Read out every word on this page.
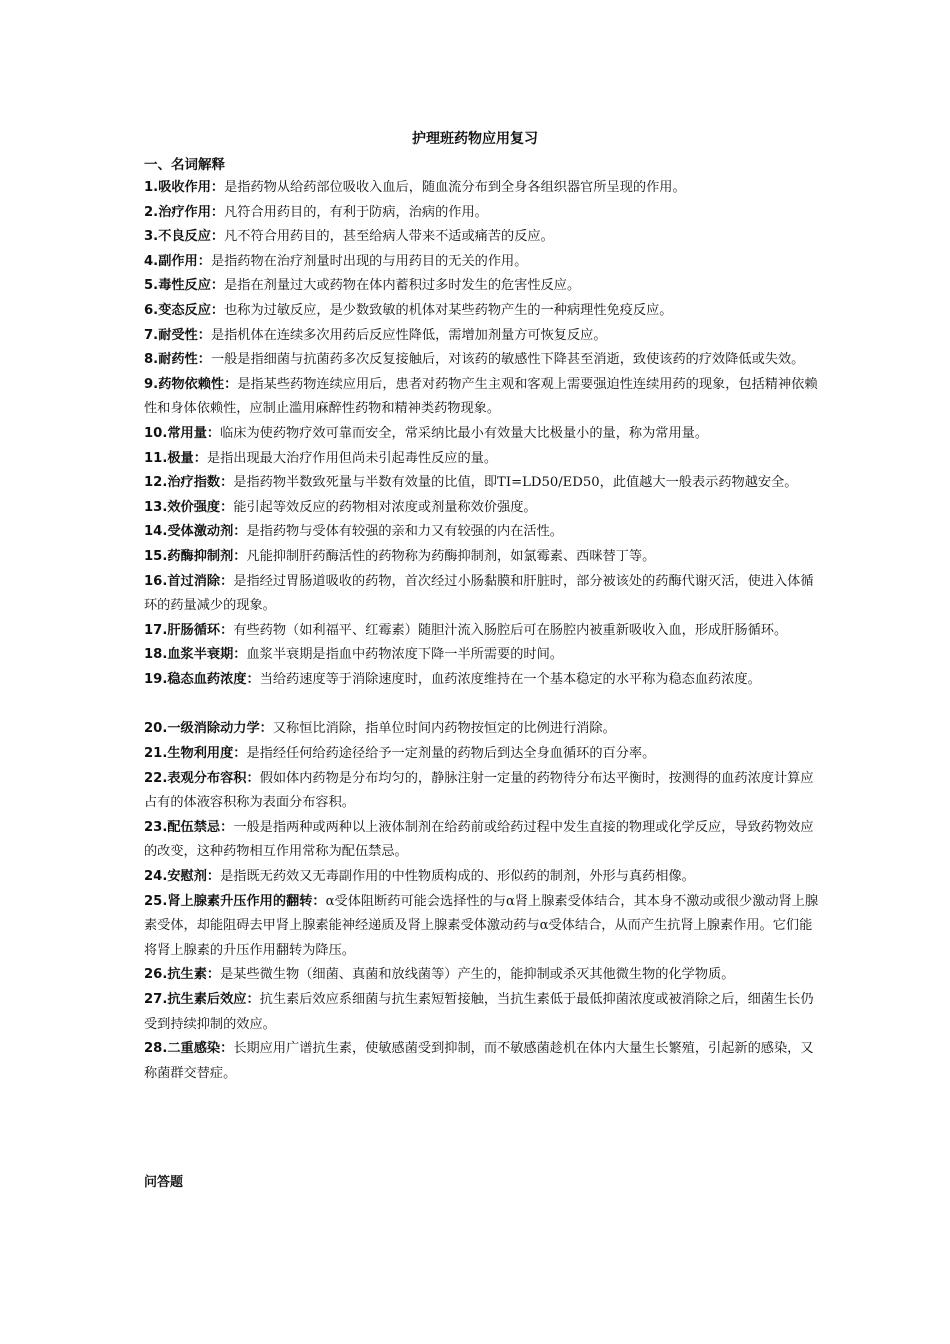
护理班药物应用复习
一、名词解释

1.吸收作用：是指药物从给药部位吸收入血后，随血流分布到全身各组织器官所呈现的作用。

2.治疗作用：凡符合用药目的，有利于防病，治病的作用。

3.不良反应：凡不符合用药目的，甚至给病人带来不适或痛苦的反应。

4.副作用：是指药物在治疗剂量时出现的与用药目的无关的作用。

5.毒性反应：是指在剂量过大或药物在体内蓄积过多时发生的危害性反应。

6.变态反应：也称为过敏反应，是少数致敏的机体对某些药物产生的一种病理性免疫反应。

7.耐受性：是指机体在连续多次用药后反应性降低，需增加剂量方可恢复反应。

8.耐药性：一般是指细菌与抗菌药多次反复接触后，对该药的敏感性下降甚至消逝，致使该药的疗效降低或失效。

9.药物依赖性：是指某些药物连续应用后，患者对药物产生主观和客观上需要强迫性连续用药的现象，包括精神依赖性和身体依赖性，应制止滥用麻醉性药物和精神类药物现象。

10.常用量：临床为使药物疗效可靠而安全，常采纳比最小有效量大比极量小的量，称为常用量。

11.极量：是指出现最大治疗作用但尚未引起毒性反应的量。

12.治疗指数：是指药物半数致死量与半数有效量的比值，即TI=LD50/ED50，此值越大一般表示药物越安全。

13.效价强度：能引起等效反应的药物相对浓度或剂量称效价强度。

14.受体激动剂：是指药物与受体有较强的亲和力又有较强的内在活性。

15.药酶抑制剂：凡能抑制肝药酶活性的药物称为药酶抑制剂，如氯霉素、西咪替丁等。

16.首过消除：是指经过胃肠道吸收的药物，首次经过小肠黏膜和肝脏时，部分被该处的药酶代谢灭活，使进入体循环的药量减少的现象。

17.肝肠循环：有些药物（如利福平、红霉素）随胆汁流入肠腔后可在肠腔内被重新吸收入血，形成肝肠循环。

18.血浆半衰期：血浆半衰期是指血中药物浓度下降一半所需要的时间。

19.稳态血药浓度：当给药速度等于消除速度时，血药浓度维持在一个基本稳定的水平称为稳态血药浓度。

20.一级消除动力学：又称恒比消除，指单位时间内药物按恒定的比例进行消除。

21.生物利用度：是指经任何给药途径给予一定剂量的药物后到达全身血循环的百分率。

22.表观分布容积：假如体内药物是分布均匀的，静脉注射一定量的药物待分布达平衡时，按测得的血药浓度计算应占有的体液容积称为表面分布容积。

23.配伍禁忌：一般是指两种或两种以上液体制剂在给药前或给药过程中发生直接的物理或化学反应，导致药物效应的改变，这种药物相互作用常称为配伍禁忌。

24.安慰剂：是指既无药效又无毒副作用的中性物质构成的、形似药的制剂，外形与真药相像。

25.肾上腺素升压作用的翻转：α受体阻断药可能会选择性的与α肾上腺素受体结合，其本身不激动或很少激动肾上腺素受体，却能阻碍去甲肾上腺素能神经递质及肾上腺素受体激动药与α受体结合，从而产生抗肾上腺素作用。它们能将肾上腺素的升压作用翻转为降压。

26.抗生素：是某些微生物（细菌、真菌和放线菌等）产生的，能抑制或杀灭其他微生物的化学物质。

27.抗生素后效应：抗生素后效应系细菌与抗生素短暂接触，当抗生素低于最低抑菌浓度或被消除之后，细菌生长仍受到持续抑制的效应。

28.二重感染：长期应用广谱抗生素，使敏感菌受到抑制，而不敏感菌趁机在体内大量生长繁殖，引起新的感染，又称菌群交替症。

问答题
